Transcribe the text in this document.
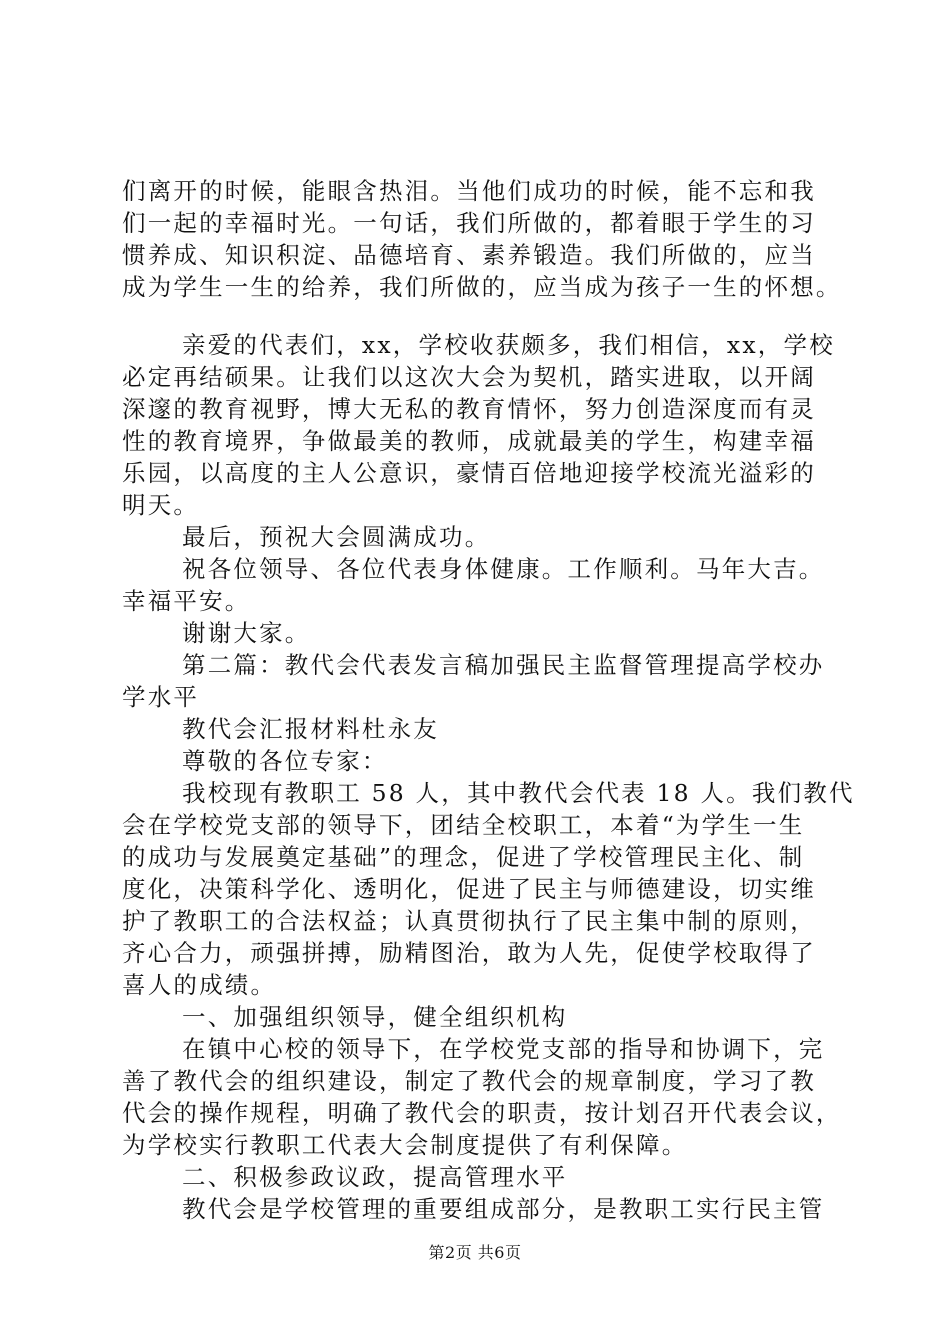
们离开的时候，能眼含热泪。当他们成功的时候，能不忘和我

们一起的幸福时光。一句话，我们所做的，都着眼于学生的习

惯养成、知识积淀、品德培育、素养锻造。我们所做的，应当

成为学生一生的给养，我们所做的，应当成为孩子一生的怀想。

亲爱的代表们，xx，学校收获颇多，我们相信，xx，学校

必定再结硕果。让我们以这次大会为契机，踏实进取，以开阔

深邃的教育视野，博大无私的教育情怀，努力创造深度而有灵

性的教育境界，争做最美的教师，成就最美的学生，构建幸福

乐园，以高度的主人公意识，豪情百倍地迎接学校流光溢彩的

明天。

最后，预祝大会圆满成功。

祝各位领导、各位代表身体健康。工作顺利。马年大吉。

幸福平安。

谢谢大家。

第二篇：教代会代表发言稿加强民主监督管理提高学校办

学水平

教代会汇报材料杜永友

尊敬的各位专家：

我校现有教职工 58 人，其中教代会代表 18 人。我们教代

会在学校党支部的领导下，团结全校职工，本着“为学生一生

的成功与发展奠定基础”的理念，促进了学校管理民主化、制

度化，决策科学化、透明化，促进了民主与师德建设，切实维

护了教职工的合法权益；认真贯彻执行了民主集中制的原则，

齐心合力，顽强拼搏，励精图治，敢为人先，促使学校取得了

喜人的成绩。

一、加强组织领导，健全组织机构

在镇中心校的领导下，在学校党支部的指导和协调下，完

善了教代会的组织建设，制定了教代会的规章制度，学习了教

代会的操作规程，明确了教代会的职责，按计划召开代表会议，

为学校实行教职工代表大会制度提供了有利保障。

二、积极参政议政，提高管理水平

教代会是学校管理的重要组成部分，是教职工实行民主管

第2页 共6页
